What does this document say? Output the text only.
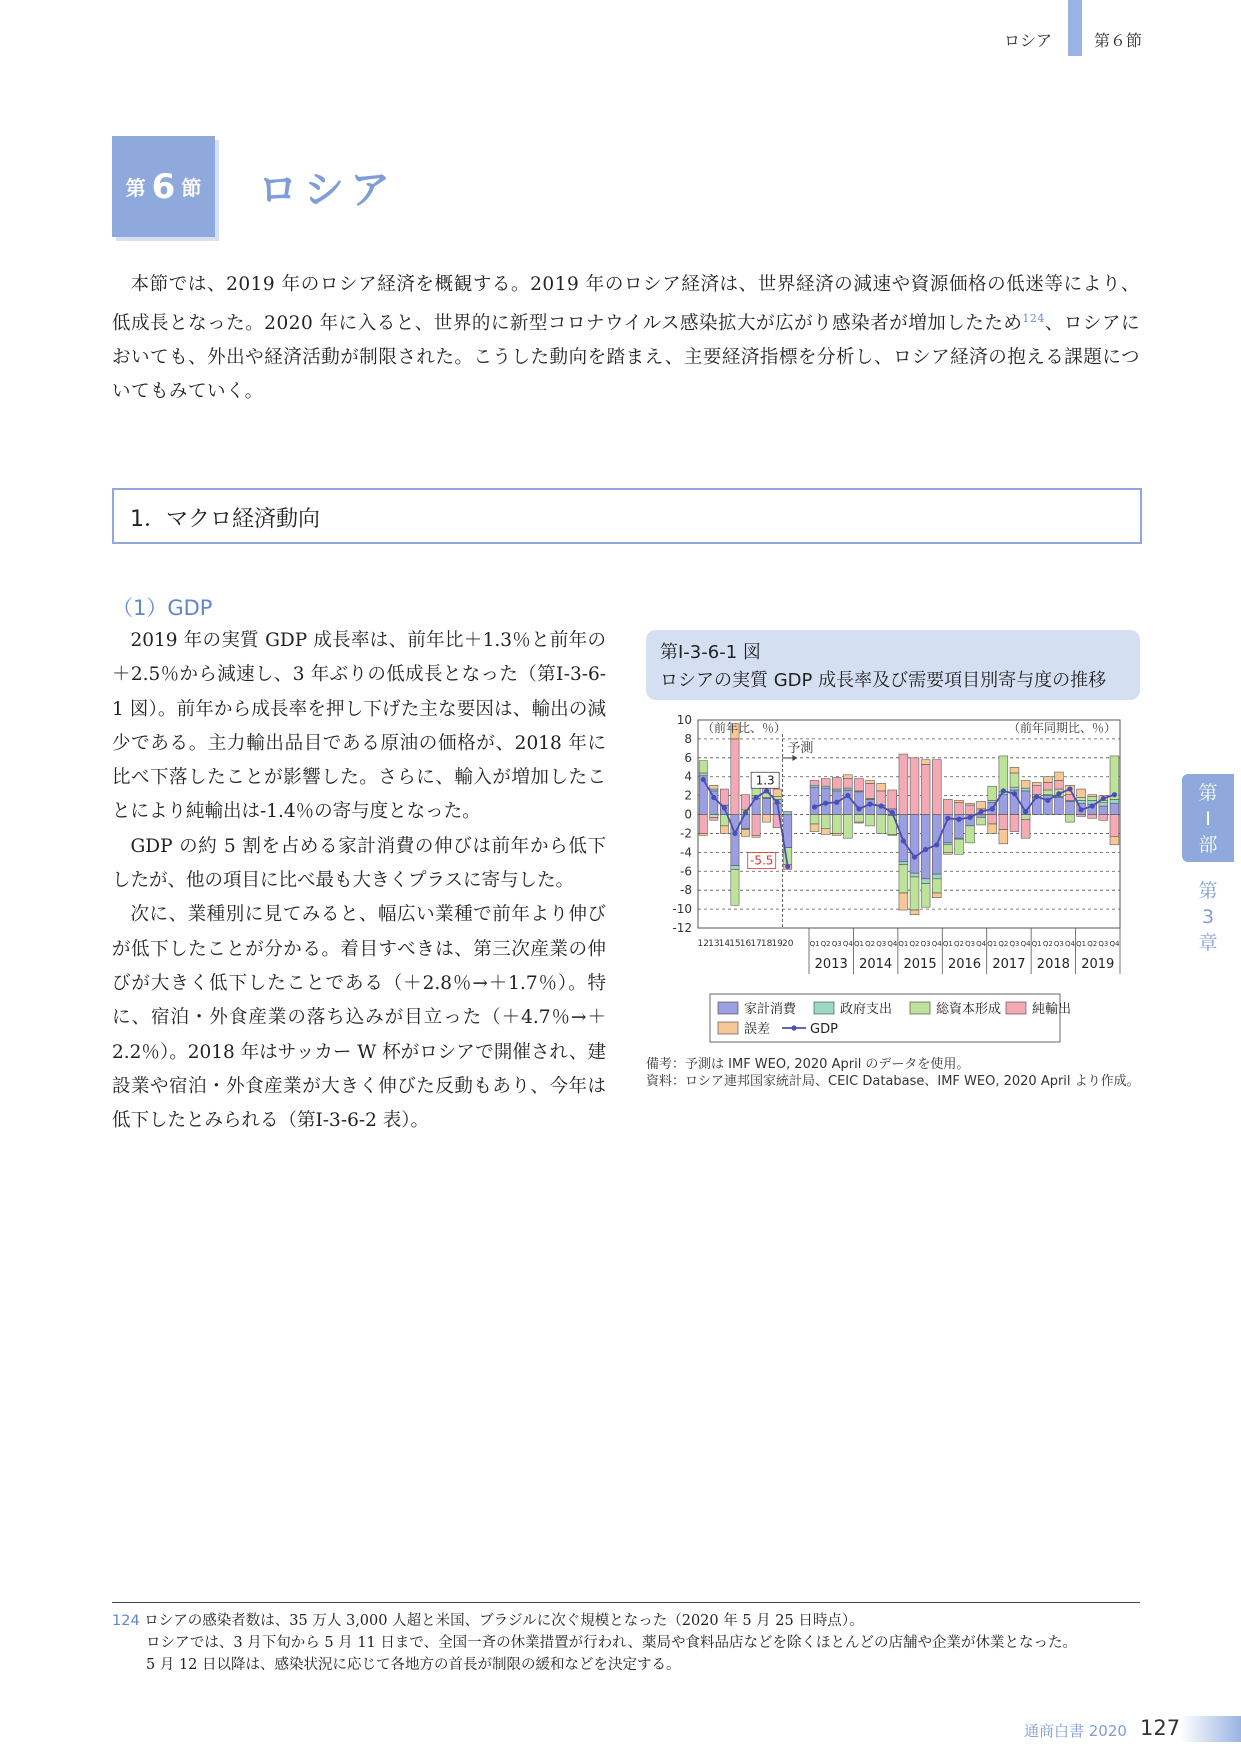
ロシア	第６節
第 6 節 ロシア
本節では、2019 年のロシア経済を概観する。2019 年のロシア経済は、世界経済の減速や資源価格の低迷等により、低成長となった。2020 年に入ると、世界的に新型コロナウイルス感染拡大が広がり感染者が増加したため$^{124}$、ロシアにおいても、外出や経済活動が制限された。こうした動向を踏まえ、主要経済指標を分析し、ロシア経済の抱える課題についてもみていく。
1．マクロ経済動向
（1）GDP

2019 年の実質 GDP 成長率は、前年比＋1.3％と前年の＋2.5％から減速し、3 年ぶりの低成長となった（第Ⅰ-3-6-1 図）。前年から成長率を押し下げた主な要因は、輸出の減少である。主力輸出品目である原油の価格が、2018 年に比べ下落したことが影響した。さらに、輸入が増加したことにより純輸出は-1.4％の寄与度となった。

GDP の約 5 割を占める家計消費の伸びは前年から低下したが、他の項目に比べ最も大きくプラスに寄与した。

次に、業種別に見てみると、幅広い業種で前年より伸びが低下したことが分かる。着目すべきは、第三次産業の伸びが大きく低下したことである（＋2.8％→＋1.7％）。特に、宿泊・外食産業の落ち込みが目立った（＋4.7％→＋2.2％）。2018 年はサッカー W 杯がロシアで開催され、建設業や宿泊・外食産業が大きく伸びた反動もあり、今年は低下したとみられる（第Ⅰ-3-6-2 表）。

第Ⅰ-3-6-1 図
ロシアの実質 GDP 成長率及び需要項目別寄与度の推移
10
8
6
4
2
0
-2
-4
-6
-8
-10
-12
（前年比、％）	（前年同期比、％）
予測
1.3
-5.5
12 13 14 15 16 17 18 19 20 Q1 Q2 Q3 Q4
2013
Q1 Q2 Q3 Q4
2014
Q1 Q2 Q3 Q4
2015
Q1 Q2 Q3 Q4
2016
Q1 Q2 Q3 Q4
2017
Q1 Q2 Q3 Q4
2018
Q1 Q2 Q3 Q4
2019
家計消費	政府支出	総資本形成 純輸出
誤差	GDP
備考： 予測は IMF WEO, 2020 April のデータを使用。
資料： ロシア連邦国家統計局、CEIC Database、IMF WEO, 2020 April より作成。
第
Ⅰ
部
第
3
章
124 ロシアの感染者数は、35 万人 3,000 人超と米国、ブラジルに次ぐ規模となった（2020 年 5 月 25 日時点）。
ロシアでは、3 月下旬から 5 月 11 日まで、全国一斉の休業措置が行われ、薬局や食料品店などを除くほとんどの店舗や企業が休業となった。
5 月 12 日以降は、感染状況に応じて各地方の首長が制限の緩和などを決定する。
通商白書 2020 127
